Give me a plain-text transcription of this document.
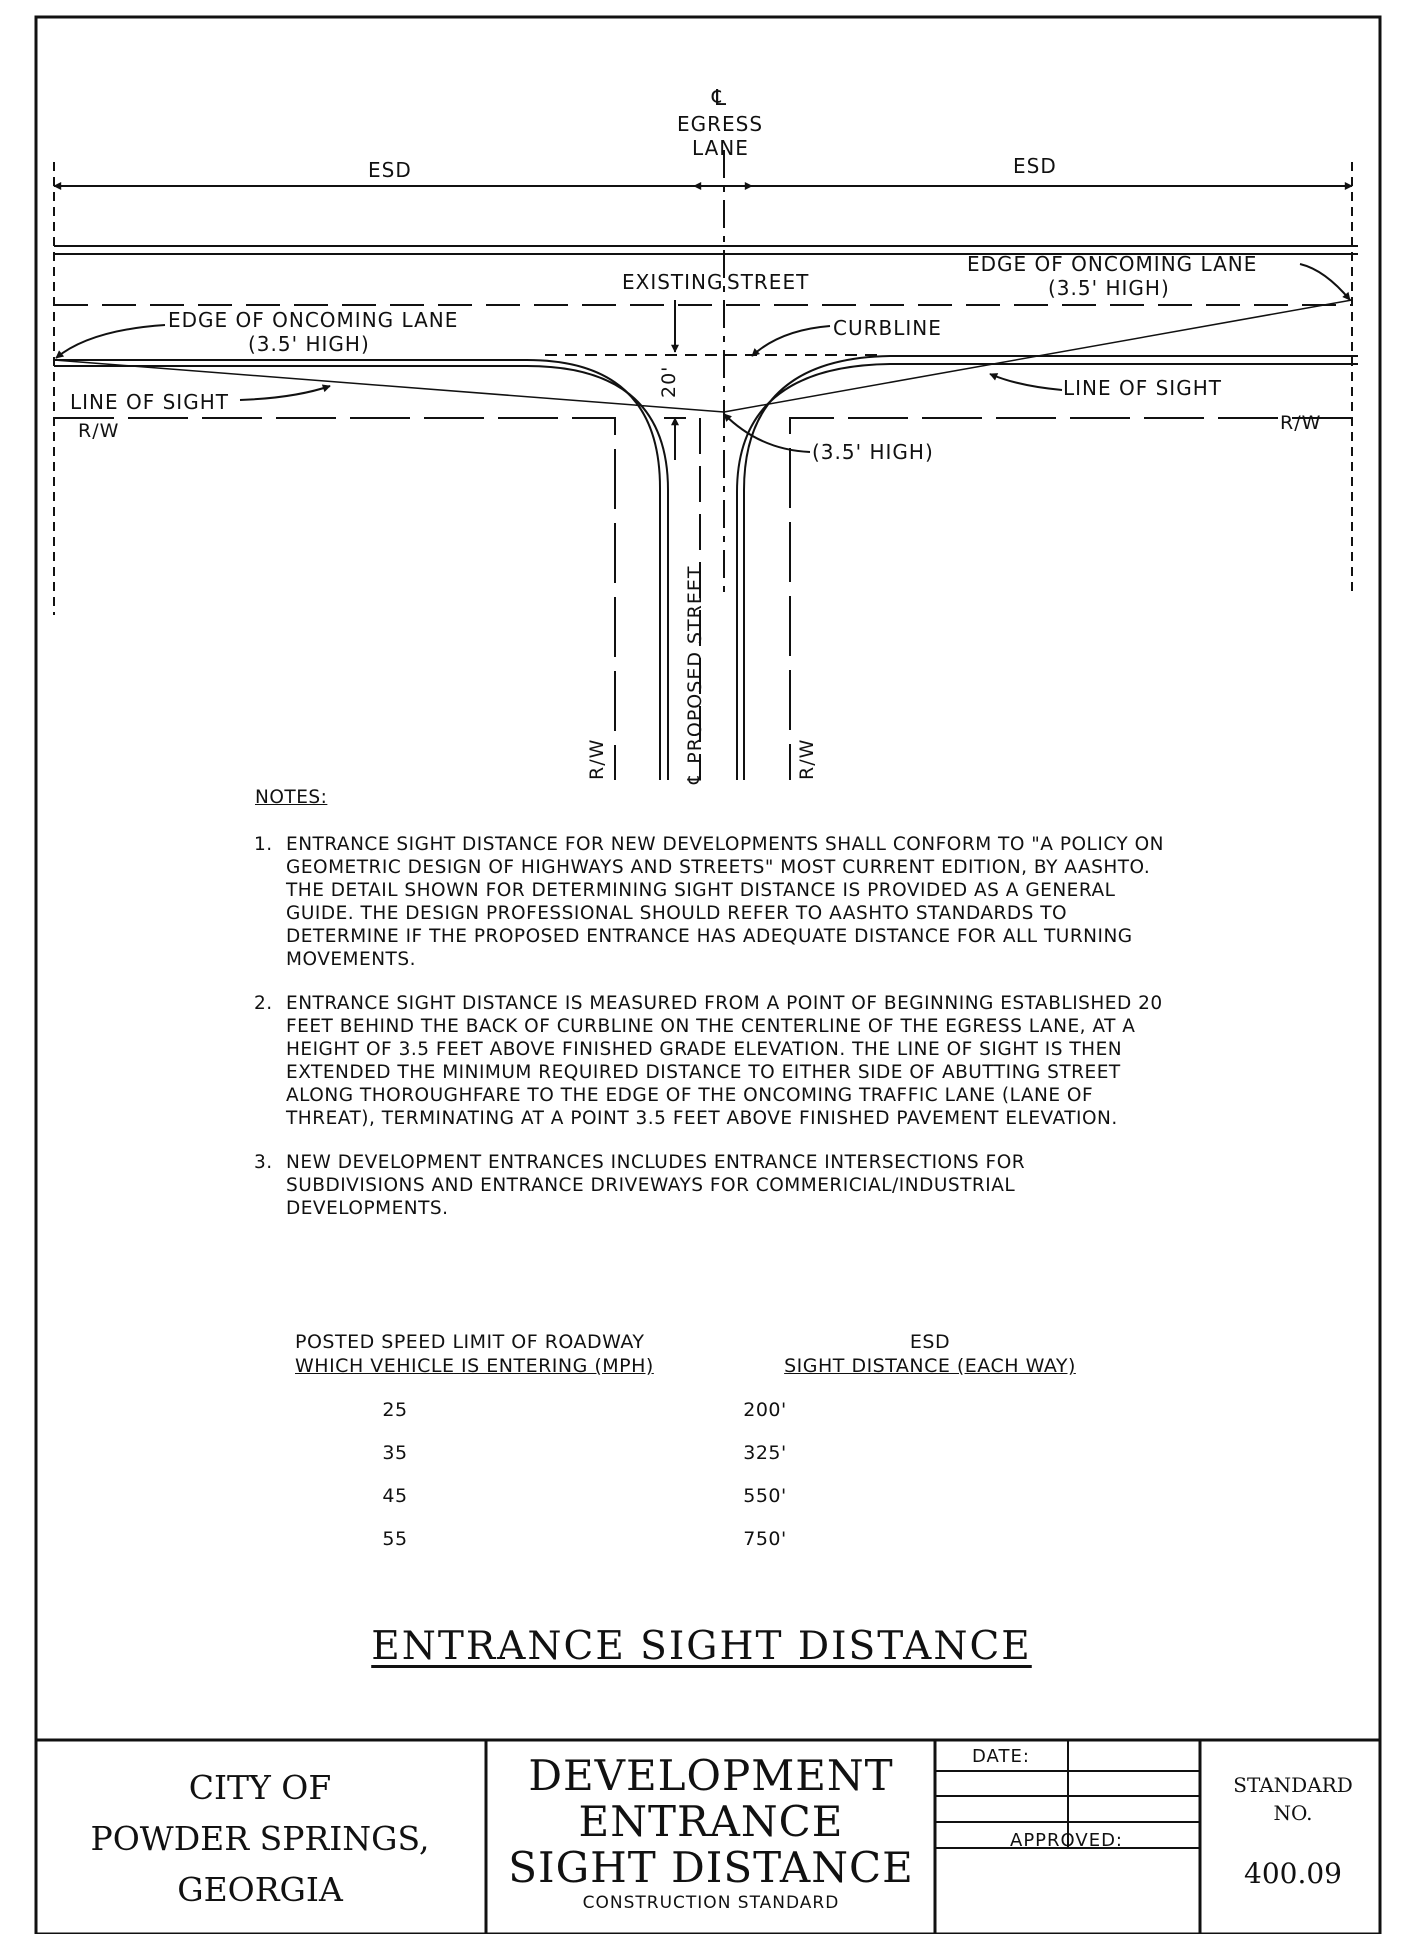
℄
EGRESS
LANE
ESD	ESD
EXISTING STREET
EDGE OF ONCOMING LANE
(3.5' HIGH)
EDGE OF ONCOMING LANE
(3.5' HIGH)
CURBLINE
LINE OF SIGHT
LINE OF SIGHT
R/W	R/W
20'
(3.5' HIGH)
℄ PROPOSED STREET
R/W	R/W
NOTES:
1. ENTRANCE SIGHT DISTANCE FOR NEW DEVELOPMENTS SHALL CONFORM TO "A POLICY ON GEOMETRIC DESIGN OF HIGHWAYS AND STREETS" MOST CURRENT EDITION, BY AASHTO. THE DETAIL SHOWN FOR DETERMINING SIGHT DISTANCE IS PROVIDED AS A GENERAL GUIDE. THE DESIGN PROFESSIONAL SHOULD REFER TO AASHTO STANDARDS TO DETERMINE IF THE PROPOSED ENTRANCE HAS ADEQUATE DISTANCE FOR ALL TURNING MOVEMENTS.
2. ENTRANCE SIGHT DISTANCE IS MEASURED FROM A POINT OF BEGINNING ESTABLISHED 20 FEET BEHIND THE BACK OF CURBLINE ON THE CENTERLINE OF THE EGRESS LANE, AT A HEIGHT OF 3.5 FEET ABOVE FINISHED GRADE ELEVATION. THE LINE OF SIGHT IS THEN EXTENDED THE MINIMUM REQUIRED DISTANCE TO EITHER SIDE OF ABUTTING STREET ALONG THOROUGHFARE TO THE EDGE OF THE ONCOMING TRAFFIC LANE (LANE OF THREAT), TERMINATING AT A POINT 3.5 FEET ABOVE FINISHED PAVEMENT ELEVATION.
3. NEW DEVELOPMENT ENTRANCES INCLUDES ENTRANCE INTERSECTIONS FOR SUBDIVISIONS AND ENTRANCE DRIVEWAYS FOR COMMERICIAL/INDUSTRIAL DEVELOPMENTS.
POSTED SPEED LIMIT OF ROADWAY
WHICH VEHICLE IS ENTERING (MPH)
ESD
SIGHT DISTANCE (EACH WAY)
25	200'
35	325'
45	550'
55	750'
ENTRANCE SIGHT DISTANCE
CITY OF
POWDER SPRINGS,
GEORGIA
DEVELOPMENT
ENTRANCE
SIGHT DISTANCE
CONSTRUCTION STANDARD
DATE:
APPROVED:
STANDARD
NO.
400.09
